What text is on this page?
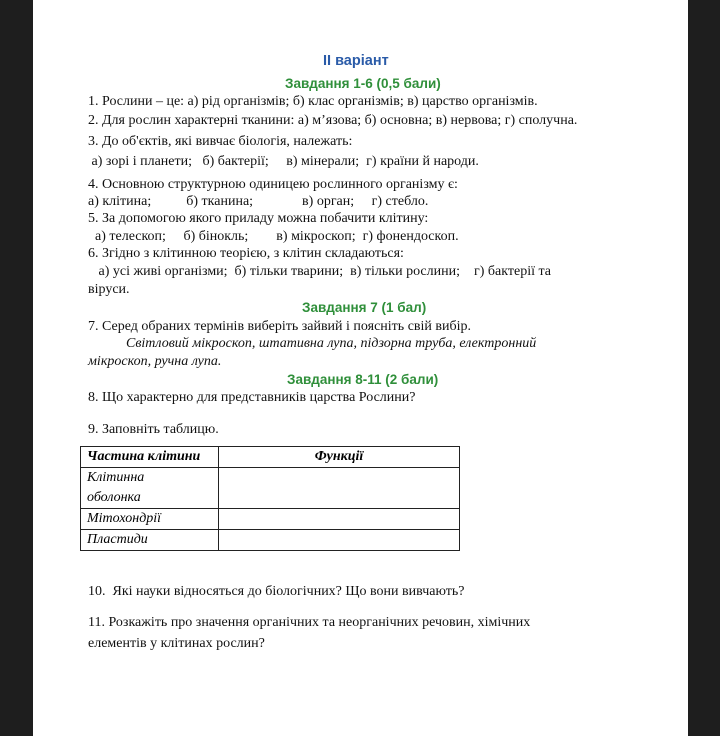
II варіант
Завдання 1-6 (0,5 бали)
1. Рослини – це: а) рід організмів; б) клас організмів; в) царство організмів.
2. Для рослин характерні тканини: а) м’язова; б) основна; в) нервова; г) сполучна.
3. До об'єктів, які вивчає біологія, належать:
а) зорі і планети;   б) бактерії;     в) мінерали;  г) країни й народи.
4. Основною структурною одиницею рослинного організму є:
а) клітина;          б) тканина;              в) орган;     г) стебло.
5. За допомогою якого приладу можна побачити клітину:
а) телескоп;     б) бінокль;        в) мікроскоп;  г) фонендоскоп.
6. Згідно з клітинною теорією, з клітин складаються:
а) усі живі організми;  б) тільки тварини;  в) тільки рослини;    г) бактерії та
віруси.
Завдання 7 (1 бал)
7. Серед обраних термінів виберіть зайвий і поясніть свій вибір.
Світловий мікроскоп, штативна лупа, підзорна труба, електронний
мікроскоп, ручна лупа.
Завдання 8-11 (2 бали)
8. Що характерно для представників царства Рослини?
9. Заповніть таблицю.
Частина клітини	Функції
Клітинна
оболонка	
Мітохондрії	
Пластиди	
10.  Які науки відносяться до біологічних? Що вони вивчають?
11. Розкажіть про значення органічних та неорганічних речовин, хімічних
елементів у клітинах рослин?
